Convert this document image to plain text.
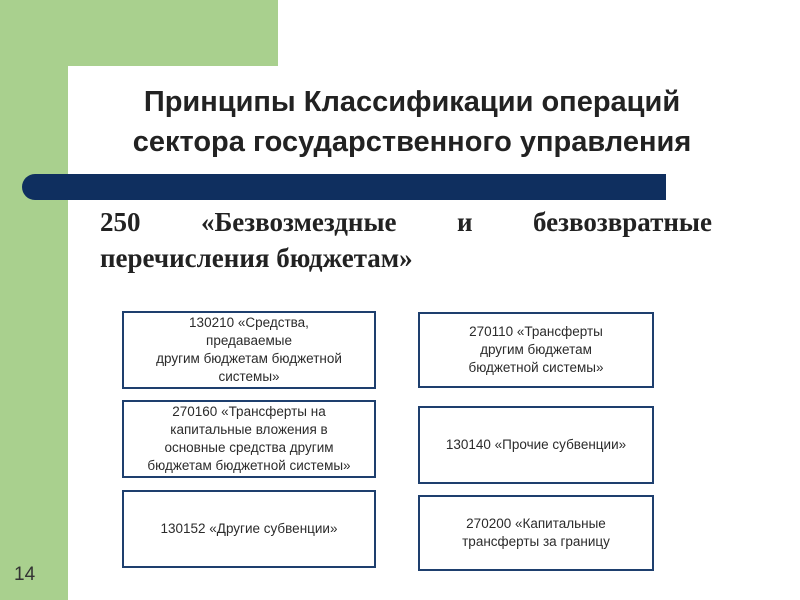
Принципы Классификации операций
сектора государственного управления
250 «Безвозмездные и безвозвратные
перечисления бюджетам»
130210 «Средства,
предаваемые
другим бюджетам бюджетной
системы»
270160 «Трансферты на
капитальные вложения в
основные средства другим
бюджетам бюджетной системы»
130152 «Другие субвенции»
270110 «Трансферты
другим бюджетам
бюджетной системы»
130140 «Прочие субвенции»
270200 «Капитальные
трансферты за границу
14
